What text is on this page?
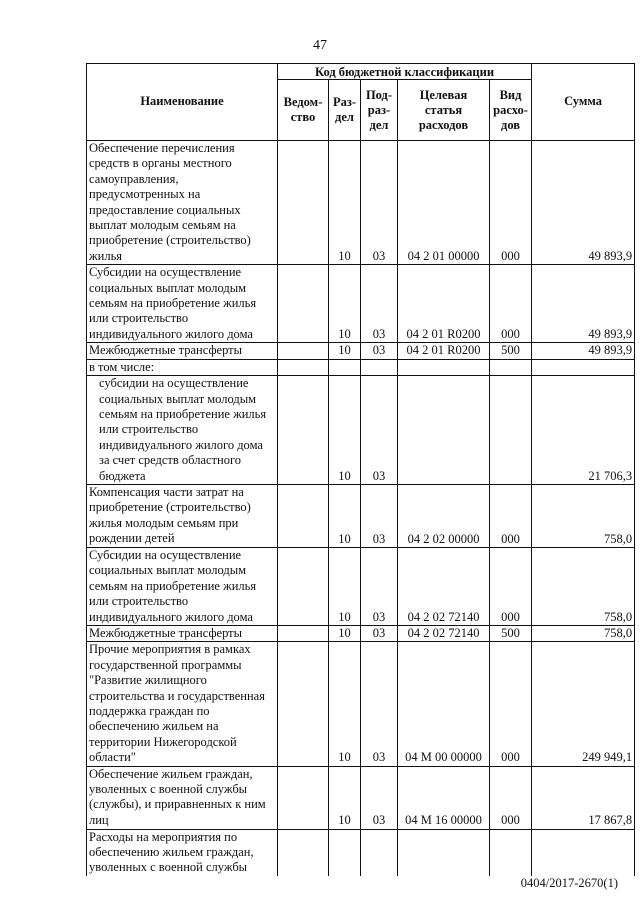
47
Наименование	Код бюджетной классификации					Сумма
	Ведом-ство	Раз-дел	Под-раз-дел	Целевая статья расходов	Вид расхо-дов	
Обеспечение перечисления средств в органы местного самоуправления, предусмотренных на предоставление социальных выплат молодым семьям на приобретение (строительство) жилья		10	03	04 2 01 00000	000	49 893,9
Субсидии на осуществление социальных выплат молодым семьям на приобретение жилья или строительство индивидуального жилого дома		10	03	04 2 01 R0200	000	49 893,9
Межбюджетные трансферты		10	03	04 2 01 R0200	500	49 893,9
в том числе:						
субсидии на осуществление социальных выплат молодым семьям на приобретение жилья или строительство индивидуального жилого дома за счет средств областного бюджета		10	03			21 706,3
Компенсация части затрат на приобретение (строительство) жилья молодым семьям при рождении детей		10	03	04 2 02 00000	000	758,0
Субсидии на осуществление социальных выплат молодым семьям на приобретение жилья или строительство индивидуального жилого дома		10	03	04 2 02 72140	000	758,0
Межбюджетные трансферты		10	03	04 2 02 72140	500	758,0
Прочие мероприятия в рамках государственной программы "Развитие жилищного строительства и государственная поддержка граждан по обеспечению жильем на территории Нижегородской области"		10	03	04 М 00 00000	000	249 949,1
Обеспечение жильем граждан, уволенных с военной службы (службы), и приравненных к ним лиц		10	03	04 М 16 00000	000	17 867,8
Расходы на мероприятия по обеспечению жильем граждан, уволенных с военной службы						
0404/2017-2670(1)
